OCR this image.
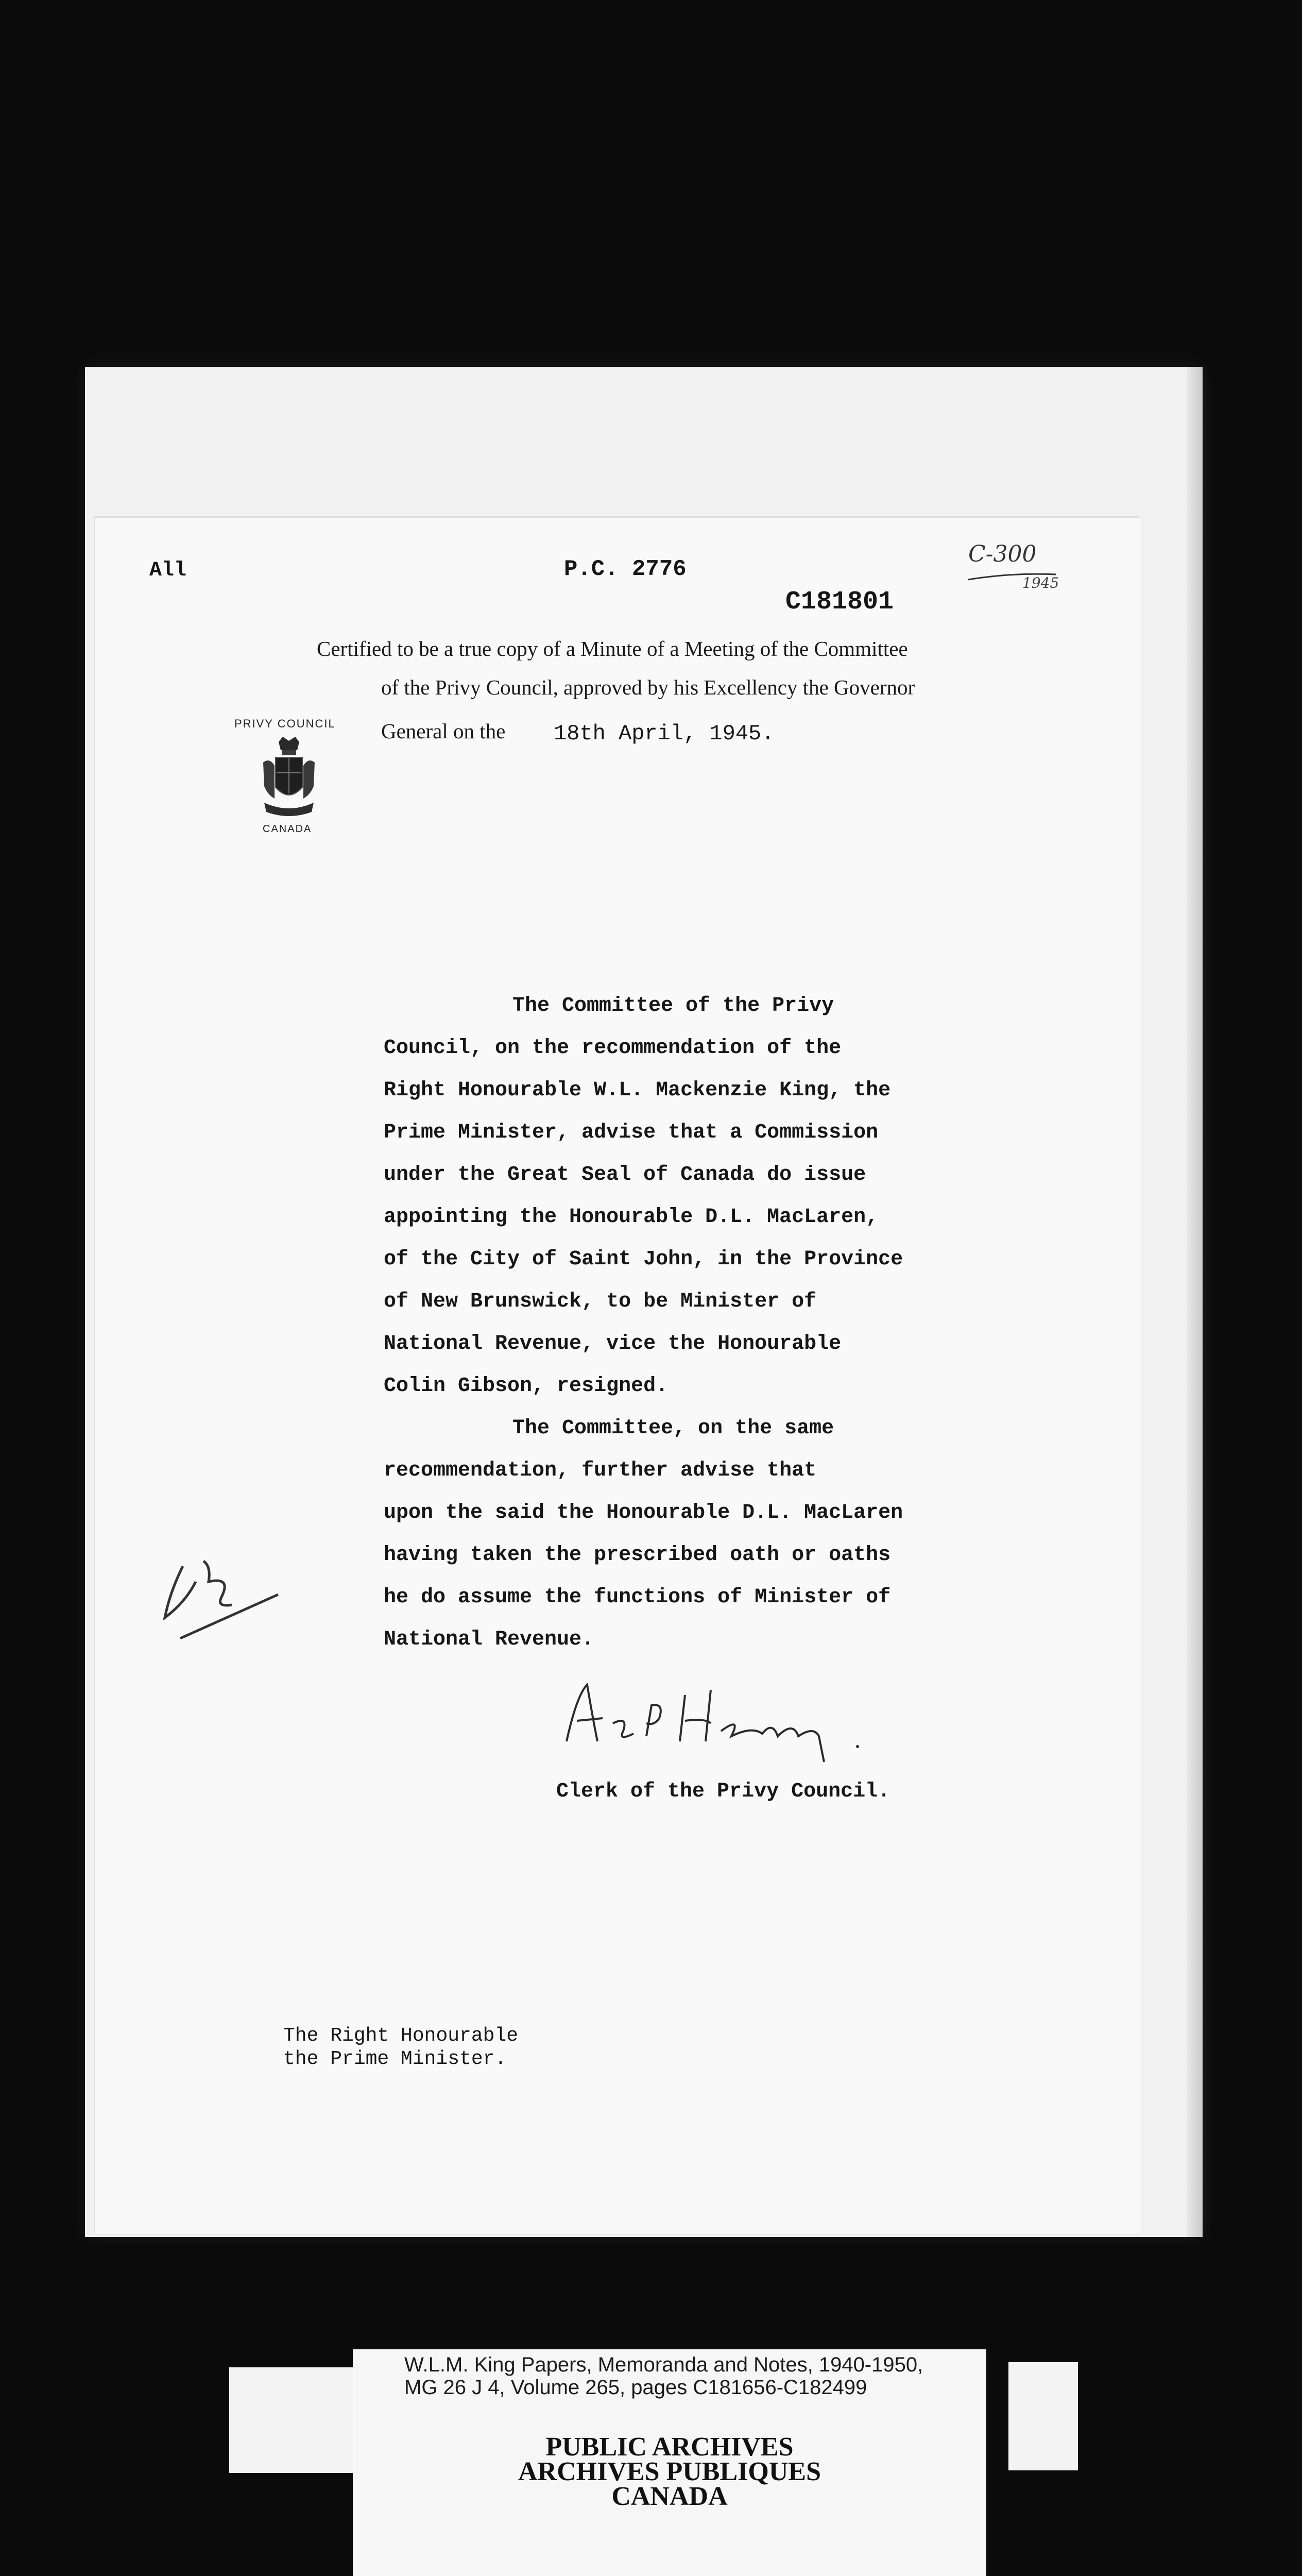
All	P.C. 2776
C181801
C-300
1945
Certified to be a true copy of a Minute of a Meeting of the Committee
of the Privy Council, approved by his Excellency the Governor
General on the 18th April, 1945.
PRIVY COUNCIL
CANADA
The Committee of the Privy
Council, on the recommendation of the
Right Honourable W.L. Mackenzie King, the
Prime Minister, advise that a Commission
under the Great Seal of Canada do issue
appointing the Honourable D.L. MacLaren,
of the City of Saint John, in the Province
of New Brunswick, to be Minister of
National Revenue, vice the Honourable
Colin Gibson, resigned.
The Committee, on the same
recommendation, further advise that
upon the said the Honourable D.L. MacLaren
having taken the prescribed oath or oaths
he do assume the functions of Minister of
National Revenue.
Clerk of the Privy Council.
The Right Honourable
the Prime Minister.
W.L.M. King Papers, Memoranda and Notes, 1940-1950,
MG 26 J 4, Volume 265, pages C181656-C182499
PUBLIC ARCHIVES
ARCHIVES PUBLIQUES
CANADA
